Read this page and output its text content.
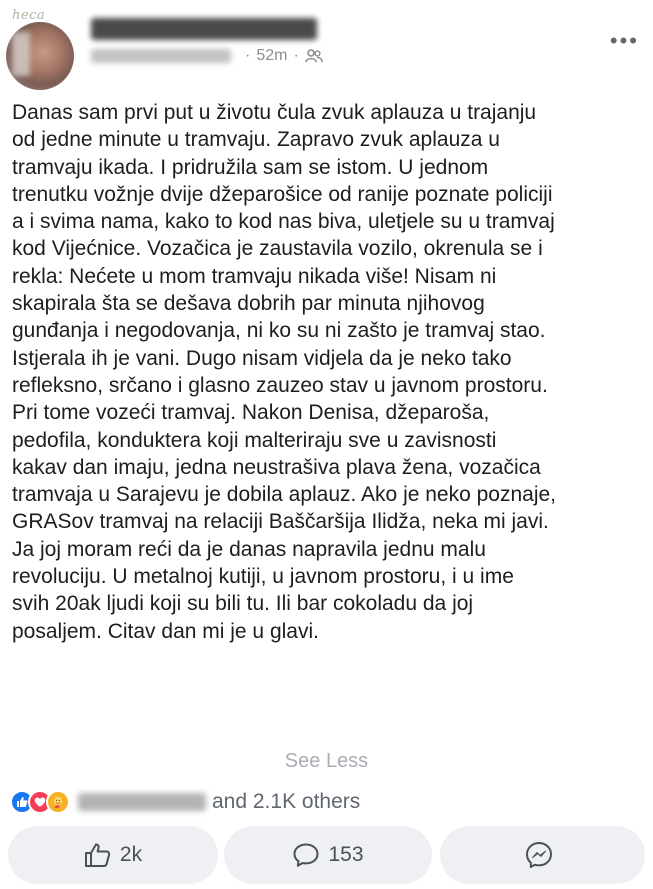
heca
· 52m ·
•••
Danas sam prvi put u životu čula zvuk aplauza u trajanju
od jedne minute u tramvaju. Zapravo zvuk aplauza u
tramvaju ikada. I pridružila sam se istom. U jednom
trenutku vožnje dvije džeparošice od ranije poznate policiji
a i svima nama, kako to kod nas biva, uletjele su u tramvaj
kod Vijećnice. Vozačica je zaustavila vozilo, okrenula se i
rekla: Nećete u mom tramvaju nikada više! Nisam ni
skapirala šta se dešava dobrih par minuta njihovog
gunđanja i negodovanja, ni ko su ni zašto je tramvaj stao.
Istjerala ih je vani. Dugo nisam vidjela da je neko tako
refleksno, srčano i glasno zauzeo stav u javnom prostoru.
Pri tome vozeći tramvaj. Nakon Denisa, džeparoša,
pedofila, konduktera koji malteriraju sve u zavisnosti
kakav dan imaju, jedna neustrašiva plava žena, vozačica
tramvaja u Sarajevu je dobila aplauz. Ako je neko poznaje,
GRASov tramvaj na relaciji Baščaršija Ilidža, neka mi javi.
Ja joj moram reći da je danas napravila jednu malu
revoluciju. U metalnoj kutiji, u javnom prostoru, i u ime
svih 20ak ljudi koji su bili tu. Ili bar cokoladu da joj
posaljem. Citav dan mi je u glavi.
See Less
and 2.1K others
2k	153
